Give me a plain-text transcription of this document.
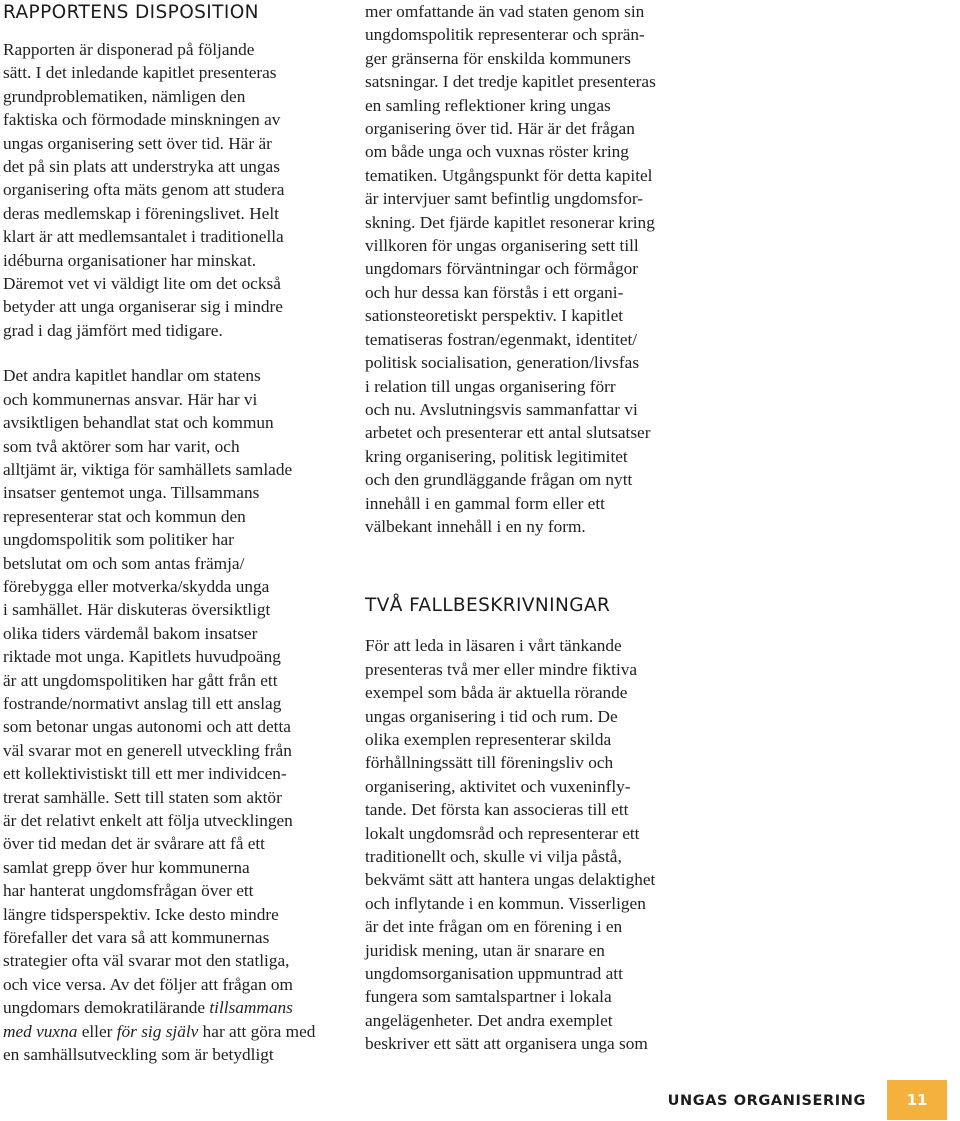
RAPPORTENS DISPOSITION

Rapporten är disponerad på följande
sätt. I det inledande kapitlet presenteras
grundproblematiken, nämligen den
faktiska och förmodade minskningen av
ungas organisering sett över tid. Här är
det på sin plats att understryka att ungas
organisering ofta mäts genom att studera
deras medlemskap i föreningslivet. Helt
klart är att medlemsantalet i traditionella
idéburna organisationer har minskat.
Däremot vet vi väldigt lite om det också
betyder att unga organiserar sig i mindre
grad i dag jämfört med tidigare.

Det andra kapitlet handlar om statens
och kommunernas ansvar. Här har vi
avsiktligen behandlat stat och kommun
som två aktörer som har varit, och
alltjämt är, viktiga för samhällets samlade
insatser gentemot unga. Tillsammans
representerar stat och kommun den
ungdomspolitik som politiker har
betslutat om och som antas främja/
förebygga eller motverka/skydda unga
i samhället. Här diskuteras översiktligt
olika tiders värdemål bakom insatser
riktade mot unga. Kapitlets huvudpoäng
är att ungdomspolitiken har gått från ett
fostrande/normativt anslag till ett anslag
som betonar ungas autonomi och att detta
väl svarar mot en generell utveckling från
ett kollektivistiskt till ett mer individcen-
trerat samhälle. Sett till staten som aktör
är det relativt enkelt att följa utvecklingen
över tid medan det är svårare att få ett
samlat grepp över hur kommunerna
har hanterat ungdomsfrågan över ett
längre tidsperspektiv. Icke desto mindre
förefaller det vara så att kommunernas
strategier ofta väl svarar mot den statliga,
och vice versa. Av det följer att frågan om
ungdomars demokratilärande tillsammans
med vuxna eller för sig själv har att göra med
en samhällsutveckling som är betydligt

mer omfattande än vad staten genom sin
ungdomspolitik representerar och sprän-
ger gränserna för enskilda kommuners
satsningar. I det tredje kapitlet presenteras
en samling reflektioner kring ungas
organisering över tid. Här är det frågan
om både unga och vuxnas röster kring
tematiken. Utgångspunkt för detta kapitel
är intervjuer samt befintlig ungdomsfor-
skning. Det fjärde kapitlet resonerar kring
villkoren för ungas organisering sett till
ungdomars förväntningar och förmågor
och hur dessa kan förstås i ett organi-
sationsteoretiskt perspektiv. I kapitlet
tematiseras fostran/egenmakt, identitet/
politisk socialisation, generation/livsfas
i relation till ungas organisering förr
och nu. Avslutningsvis sammanfattar vi
arbetet och presenterar ett antal slutsatser
kring organisering, politisk legitimitet
och den grundläggande frågan om nytt
innehåll i en gammal form eller ett
välbekant innehåll i en ny form.

TVÅ FALLBESKRIVNINGAR

För att leda in läsaren i vårt tänkande
presenteras två mer eller mindre fiktiva
exempel som båda är aktuella rörande
ungas organisering i tid och rum. De
olika exemplen representerar skilda
förhållningssätt till föreningsliv och
organisering, aktivitet och vuxeninfly-
tande. Det första kan associeras till ett
lokalt ungdomsråd och representerar ett
traditionellt och, skulle vi vilja påstå,
bekvämt sätt att hantera ungas delaktighet
och inflytande i en kommun. Visserligen
är det inte frågan om en förening i en
juridisk mening, utan är snarare en
ungdomsorganisation uppmuntrad att
fungera som samtalspartner i lokala
angelägenheter. Det andra exemplet
beskriver ett sätt att organisera unga som

UNGAS ORGANISERING	11
